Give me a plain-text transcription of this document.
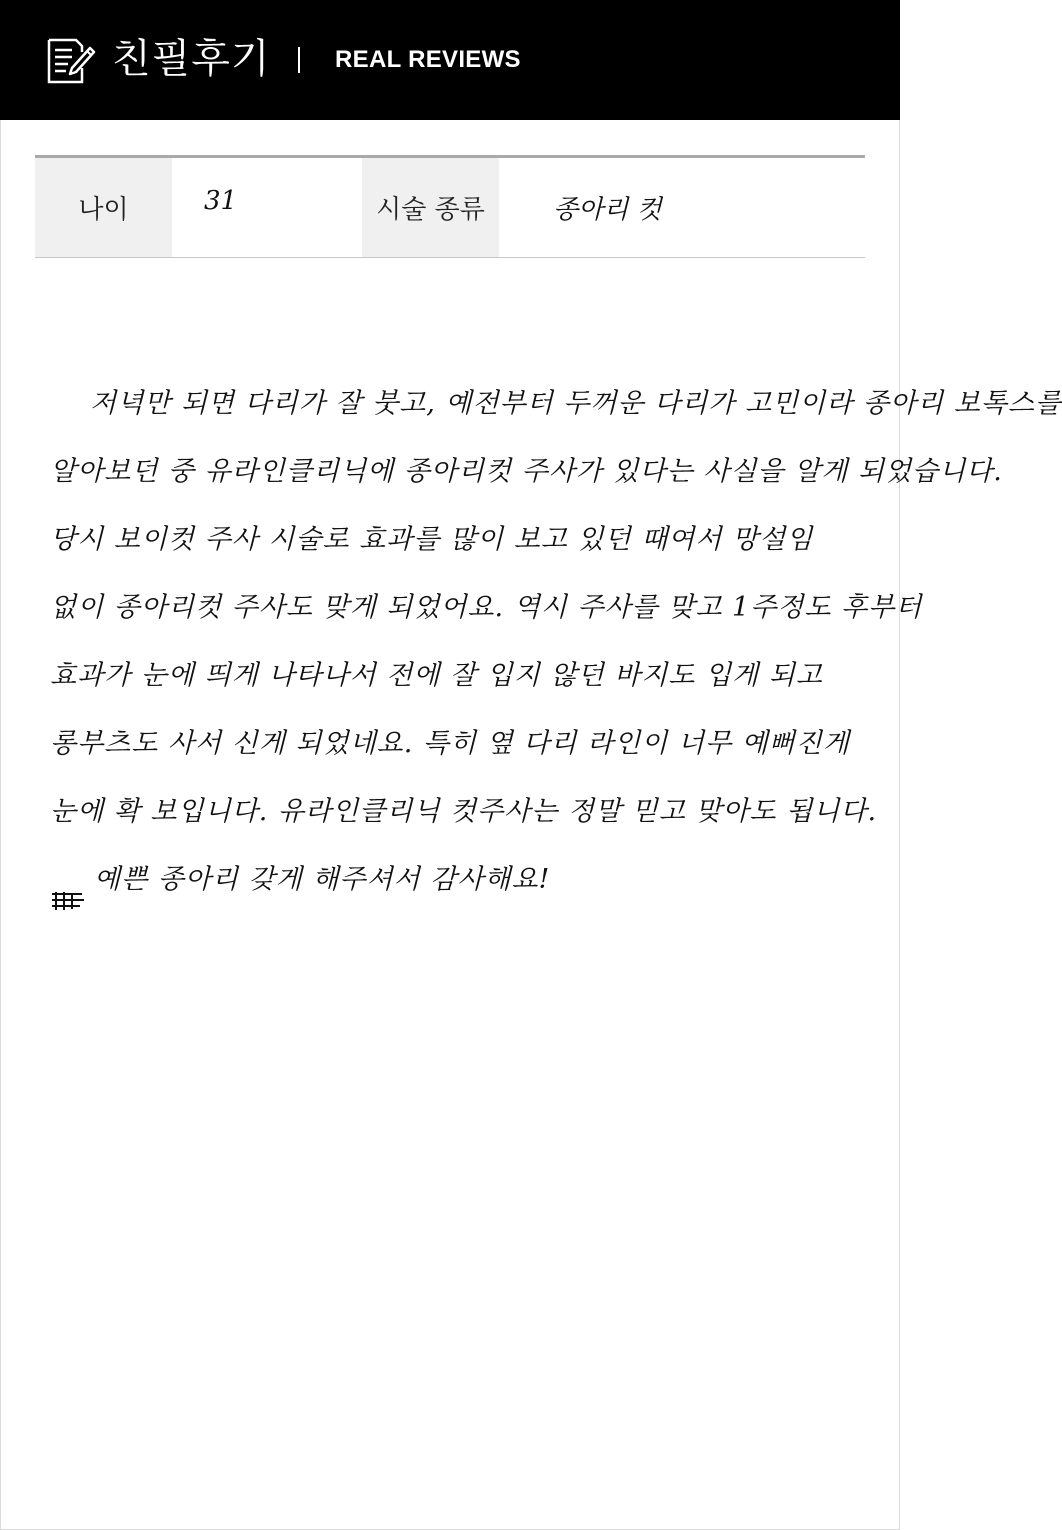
친필후기	REAL REVIEWS
나이	31	시술 종류	종아리 컷
저녁만 되면 다리가 잘 붓고, 예전부터 두꺼운 다리가 고민이라 종아리 보톡스를
알아보던 중 유라인클리닉에 종아리컷 주사가 있다는 사실을 알게 되었습니다.
당시 보이컷 주사 시술로 효과를 많이 보고 있던 때여서 망설임
없이 종아리컷 주사도 맞게 되었어요. 역시 주사를 맞고 1주정도 후부터
효과가 눈에 띄게 나타나서 전에 잘 입지 않던 바지도 입게 되고
롱부츠도 사서 신게 되었네요. 특히 옆 다리 라인이 너무 예뻐진게
눈에 확 보입니다. 유라인클리닉 컷주사는 정말 믿고 맞아도 됩니다.
예쁜 종아리 갖게 해주셔서 감사해요!
